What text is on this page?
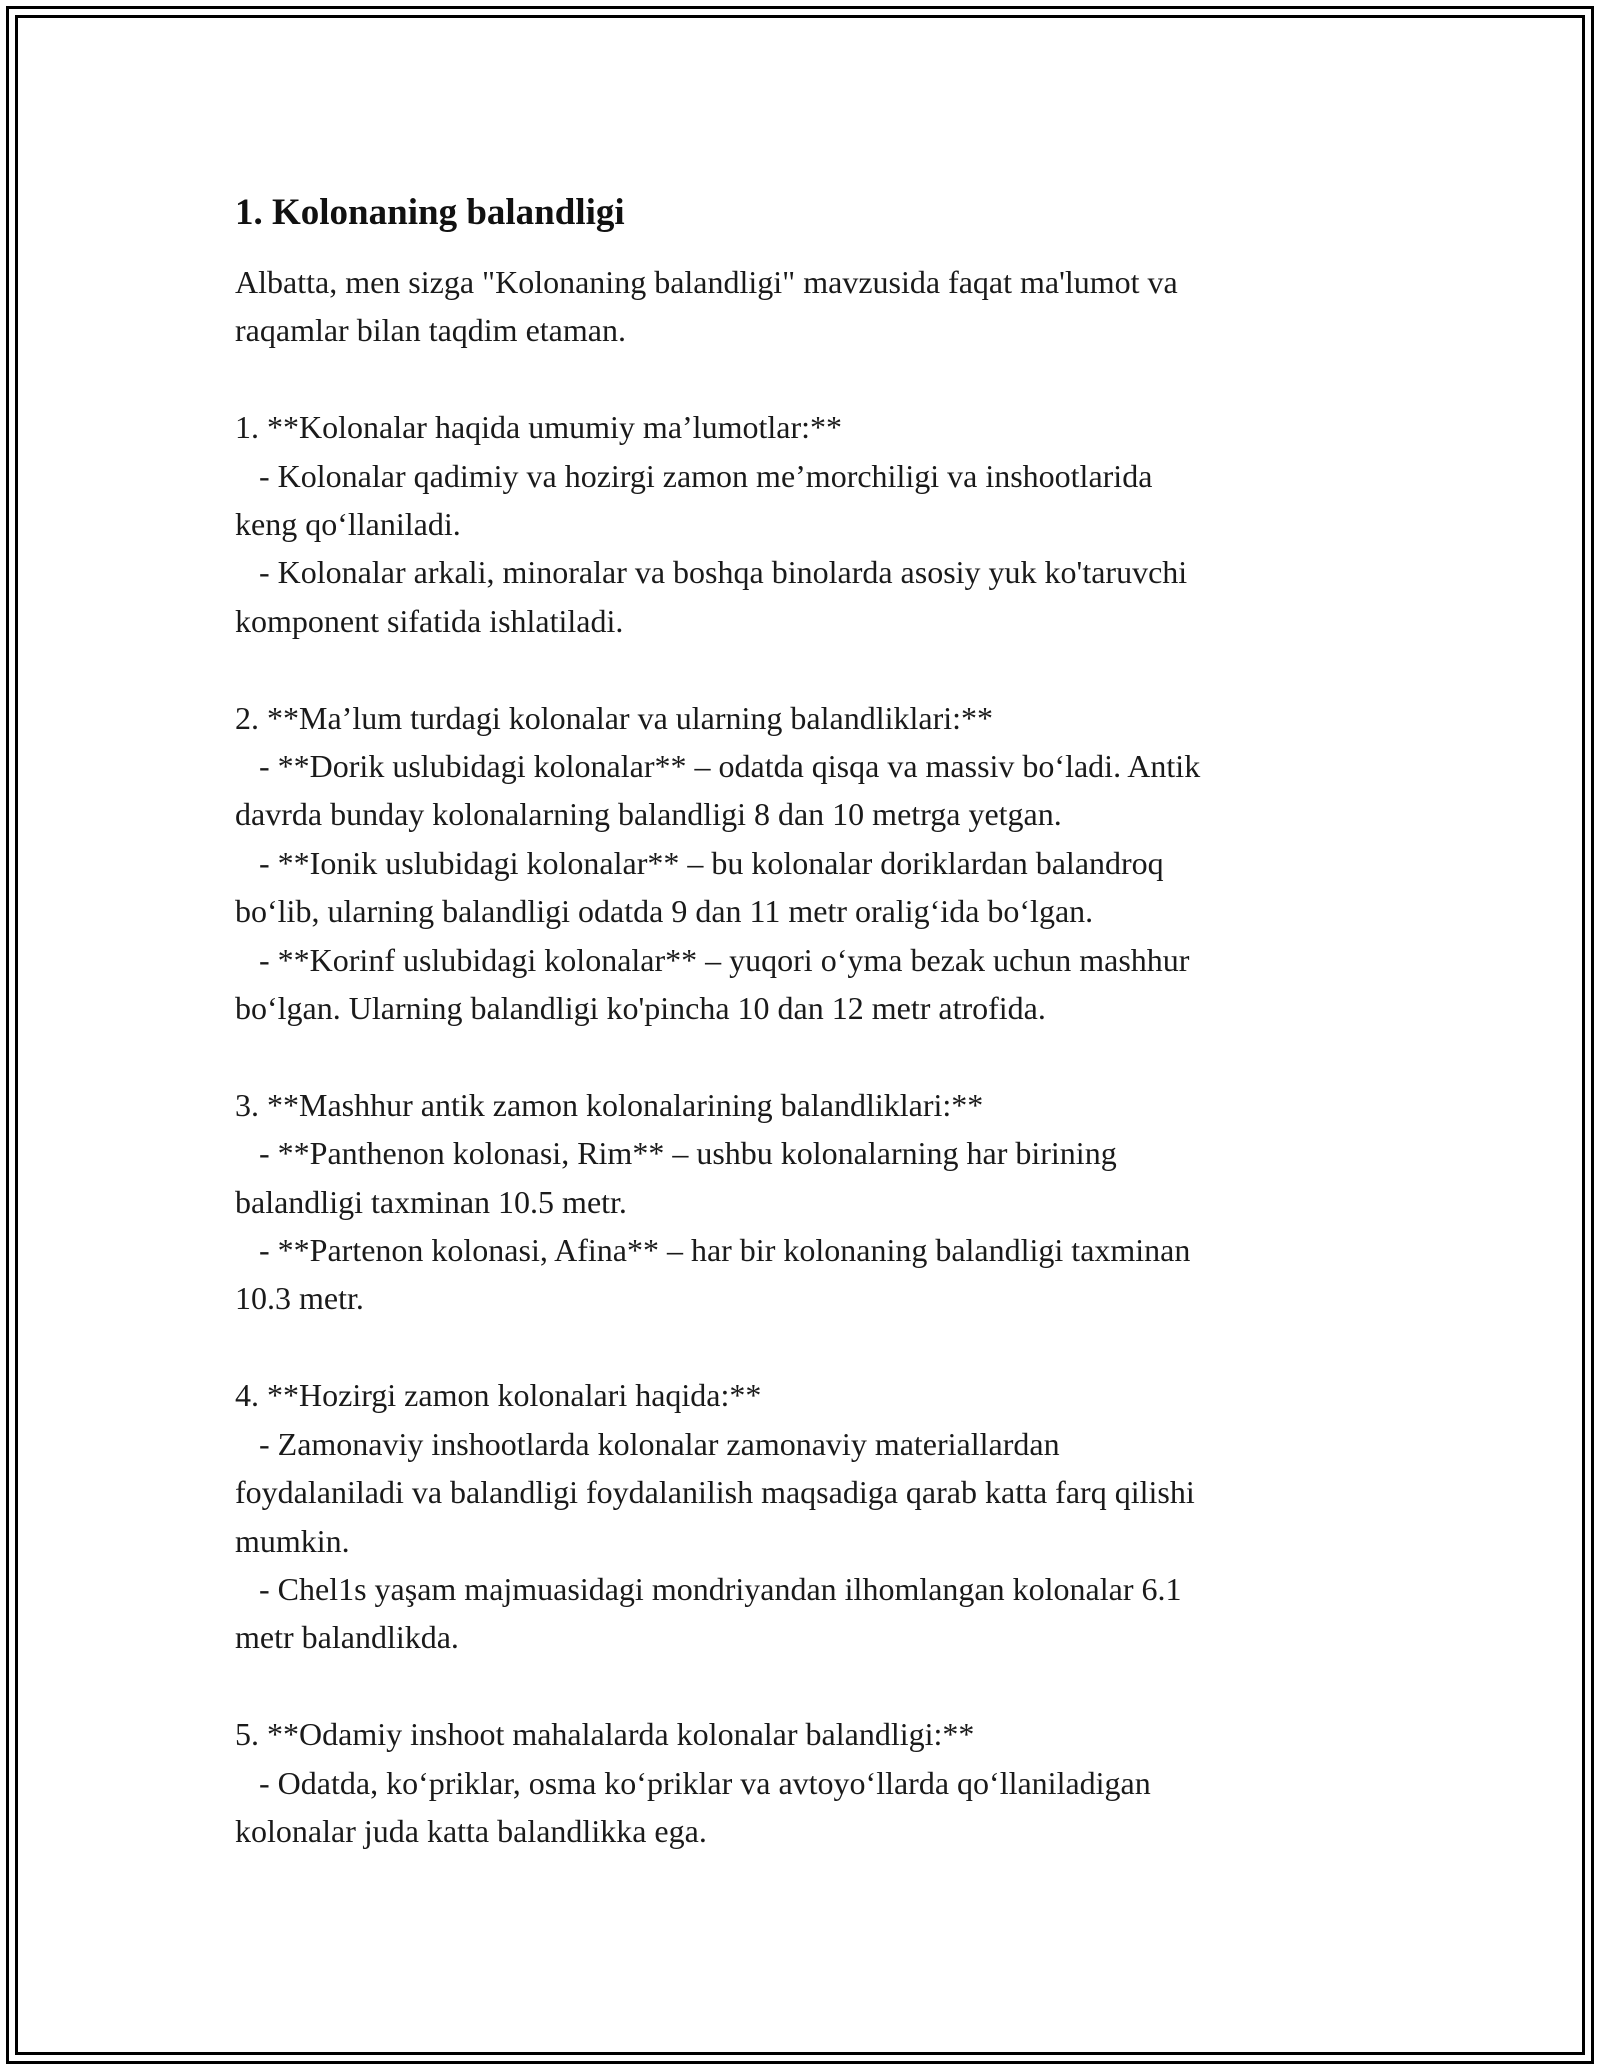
1. Kolonaning balandligi

Albatta, men sizga "Kolonaning balandligi" mavzusida faqat ma'lumot va
raqamlar bilan taqdim etaman.

1. **Kolonalar haqida umumiy ma’lumotlar:**

- Kolonalar qadimiy va hozirgi zamon me’morchiligi va inshootlarida
keng qo‘llaniladi.

- Kolonalar arkali, minoralar va boshqa binolarda asosiy yuk ko'taruvchi
komponent sifatida ishlatiladi.

2. **Ma’lum turdagi kolonalar va ularning balandliklari:**

- **Dorik uslubidagi kolonalar** – odatda qisqa va massiv bo‘ladi. Antik
davrda bunday kolonalarning balandligi 8 dan 10 metrga yetgan.

- **Ionik uslubidagi kolonalar** – bu kolonalar doriklardan balandroq
bo‘lib, ularning balandligi odatda 9 dan 11 metr oralig‘ida bo‘lgan.

- **Korinf uslubidagi kolonalar** – yuqori o‘yma bezak uchun mashhur
bo‘lgan. Ularning balandligi ko'pincha 10 dan 12 metr atrofida.

3. **Mashhur antik zamon kolonalarining balandliklari:**

- **Panthenon kolonasi, Rim** – ushbu kolonalarning har birining
balandligi taxminan 10.5 metr.

- **Partenon kolonasi, Afina** – har bir kolonaning balandligi taxminan
10.3 metr.

4. **Hozirgi zamon kolonalari haqida:**

- Zamonaviy inshootlarda kolonalar zamonaviy materiallardan
foydalaniladi va balandligi foydalanilish maqsadiga qarab katta farq qilishi
mumkin.

- Chel1s yaşam majmuasidagi mondriyandan ilhomlangan kolonalar 6.1
metr balandlikda.

5. **Odamiy inshoot mahalalarda kolonalar balandligi:**

- Odatda, ko‘priklar, osma ko‘priklar va avtoyo‘llarda qo‘llaniladigan
kolonalar juda katta balandlikka ega.
